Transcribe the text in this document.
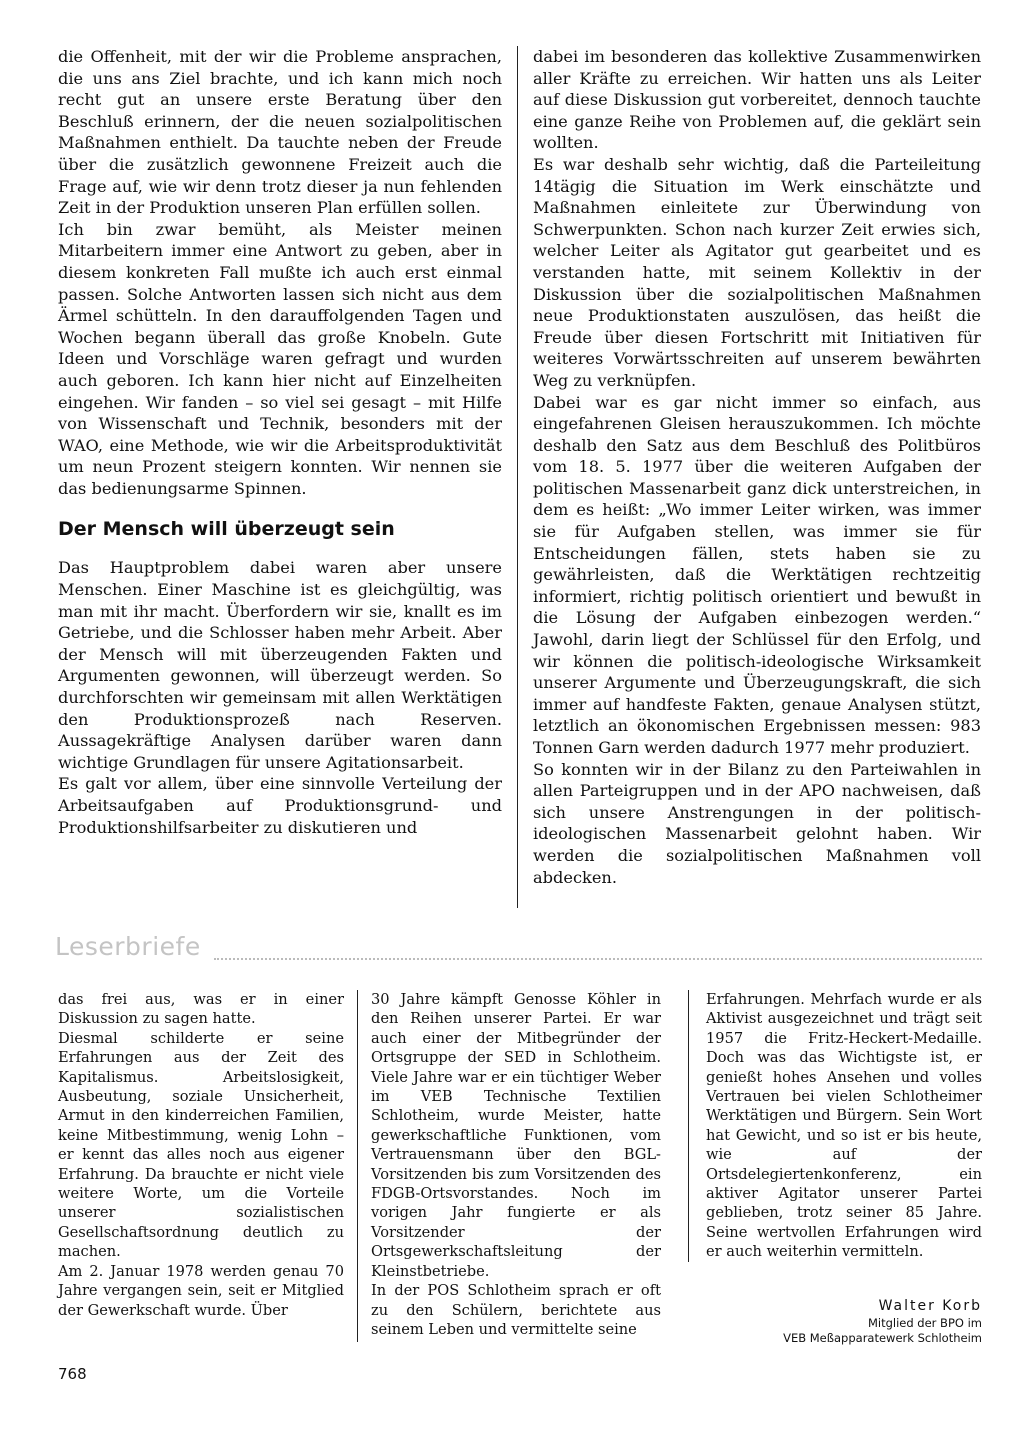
die Offenheit, mit der wir die Probleme ansprachen, die uns ans Ziel brachte, und ich kann mich noch recht gut an unsere erste Beratung über den Beschluß erinnern, der die neuen sozialpolitischen Maßnahmen enthielt. Da tauchte neben der Freude über die zusätzlich gewonnene Freizeit auch die Frage auf, wie wir denn trotz dieser ja nun fehlenden Zeit in der Produktion unseren Plan erfüllen sollen.

Ich bin zwar bemüht, als Meister meinen Mitarbeitern immer eine Antwort zu geben, aber in diesem konkreten Fall mußte ich auch erst einmal passen. Solche Antworten lassen sich nicht aus dem Ärmel schütteln. In den darauffolgenden Tagen und Wochen begann überall das große Knobeln. Gute Ideen und Vorschläge waren gefragt und wurden auch geboren. Ich kann hier nicht auf Einzelheiten eingehen. Wir fanden – so viel sei gesagt – mit Hilfe von Wissenschaft und Technik, besonders mit der WAO, eine Methode, wie wir die Arbeitsproduktivität um neun Prozent steigern konnten. Wir nennen sie das bedienungsarme Spinnen.

Der Mensch will überzeugt sein

Das Hauptproblem dabei waren aber unsere Menschen. Einer Maschine ist es gleichgültig, was man mit ihr macht. Überfordern wir sie, knallt es im Getriebe, und die Schlosser haben mehr Arbeit. Aber der Mensch will mit überzeugenden Fakten und Argumenten gewonnen, will überzeugt werden. So durchforschten wir gemeinsam mit allen Werktätigen den Produktionsprozeß nach Reserven. Aussagekräftige Analysen darüber waren dann wichtige Grundlagen für unsere Agitationsarbeit.

Es galt vor allem, über eine sinnvolle Verteilung der Arbeitsaufgaben auf Produktionsgrund- und Produktionshilfsarbeiter zu diskutieren und

dabei im besonderen das kollektive Zusammenwirken aller Kräfte zu erreichen. Wir hatten uns als Leiter auf diese Diskussion gut vorbereitet, dennoch tauchte eine ganze Reihe von Problemen auf, die geklärt sein wollten.

Es war deshalb sehr wichtig, daß die Parteileitung 14tägig die Situation im Werk einschätzte und Maßnahmen einleitete zur Überwindung von Schwerpunkten. Schon nach kurzer Zeit erwies sich, welcher Leiter als Agitator gut gearbeitet und es verstanden hatte, mit seinem Kollektiv in der Diskussion über die sozialpolitischen Maßnahmen neue Produktionstaten auszulösen, das heißt die Freude über diesen Fortschritt mit Initiativen für weiteres Vorwärtsschreiten auf unserem bewährten Weg zu verknüpfen.

Dabei war es gar nicht immer so einfach, aus eingefahrenen Gleisen herauszukommen. Ich möchte deshalb den Satz aus dem Beschluß des Politbüros vom 18. 5. 1977 über die weiteren Aufgaben der politischen Massenarbeit ganz dick unterstreichen, in dem es heißt: „Wo immer Leiter wirken, was immer sie für Aufgaben stellen, was immer sie für Entscheidungen fällen, stets haben sie zu gewährleisten, daß die Werktätigen rechtzeitig informiert, richtig politisch orientiert und bewußt in die Lösung der Aufgaben einbezogen werden.“ Jawohl, darin liegt der Schlüssel für den Erfolg, und wir können die politisch-ideologische Wirksamkeit unserer Argumente und Überzeugungskraft, die sich immer auf handfeste Fakten, genaue Analysen stützt, letztlich an ökonomischen Ergebnissen messen: 983 Tonnen Garn werden dadurch 1977 mehr produziert.

So konnten wir in der Bilanz zu den Parteiwahlen in allen Parteigruppen und in der APO nachweisen, daß sich unsere Anstrengungen in der politisch-ideologischen Massenarbeit gelohnt haben. Wir werden die sozialpolitischen Maßnahmen voll abdecken.

Leserbriefe

das frei aus, was er in einer Diskussion zu sagen hatte.

Diesmal schilderte er seine Erfahrungen aus der Zeit des Kapitalismus. Arbeitslosigkeit, Ausbeutung, soziale Unsicherheit, Armut in den kinderreichen Familien, keine Mitbestimmung, wenig Lohn – er kennt das alles noch aus eigener Erfahrung. Da brauchte er nicht viele weitere Worte, um die Vorteile unserer sozialistischen Gesellschaftsordnung deutlich zu machen.

Am 2. Januar 1978 werden genau 70 Jahre vergangen sein, seit er Mitglied der Gewerkschaft wurde. Über

30 Jahre kämpft Genosse Köhler in den Reihen unserer Partei. Er war auch einer der Mitbegründer der Ortsgruppe der SED in Schlotheim. Viele Jahre war er ein tüchtiger Weber im VEB Technische Textilien Schlotheim, wurde Meister, hatte gewerkschaftliche Funktionen, vom Vertrauensmann über den BGL-Vorsitzenden bis zum Vorsitzenden des FDGB-Ortsvorstandes. Noch im vorigen Jahr fungierte er als Vorsitzender der Ortsgewerkschaftsleitung der Kleinstbetriebe.

In der POS Schlotheim sprach er oft zu den Schülern, berichtete aus seinem Leben und vermittelte seine

Erfahrungen. Mehrfach wurde er als Aktivist ausgezeichnet und trägt seit 1957 die Fritz-Heckert-Medaille. Doch was das Wichtigste ist, er genießt hohes Ansehen und volles Vertrauen bei vielen Schlotheimer Werktätigen und Bürgern. Sein Wort hat Gewicht, und so ist er bis heute, wie auf der Ortsdelegiertenkonferenz, ein aktiver Agitator unserer Partei geblieben, trotz seiner 85 Jahre. Seine wertvollen Erfahrungen wird er auch weiterhin vermitteln.

Walter Korb
Mitglied der BPO im
VEB Meßapparatewerk Schlotheim
768
